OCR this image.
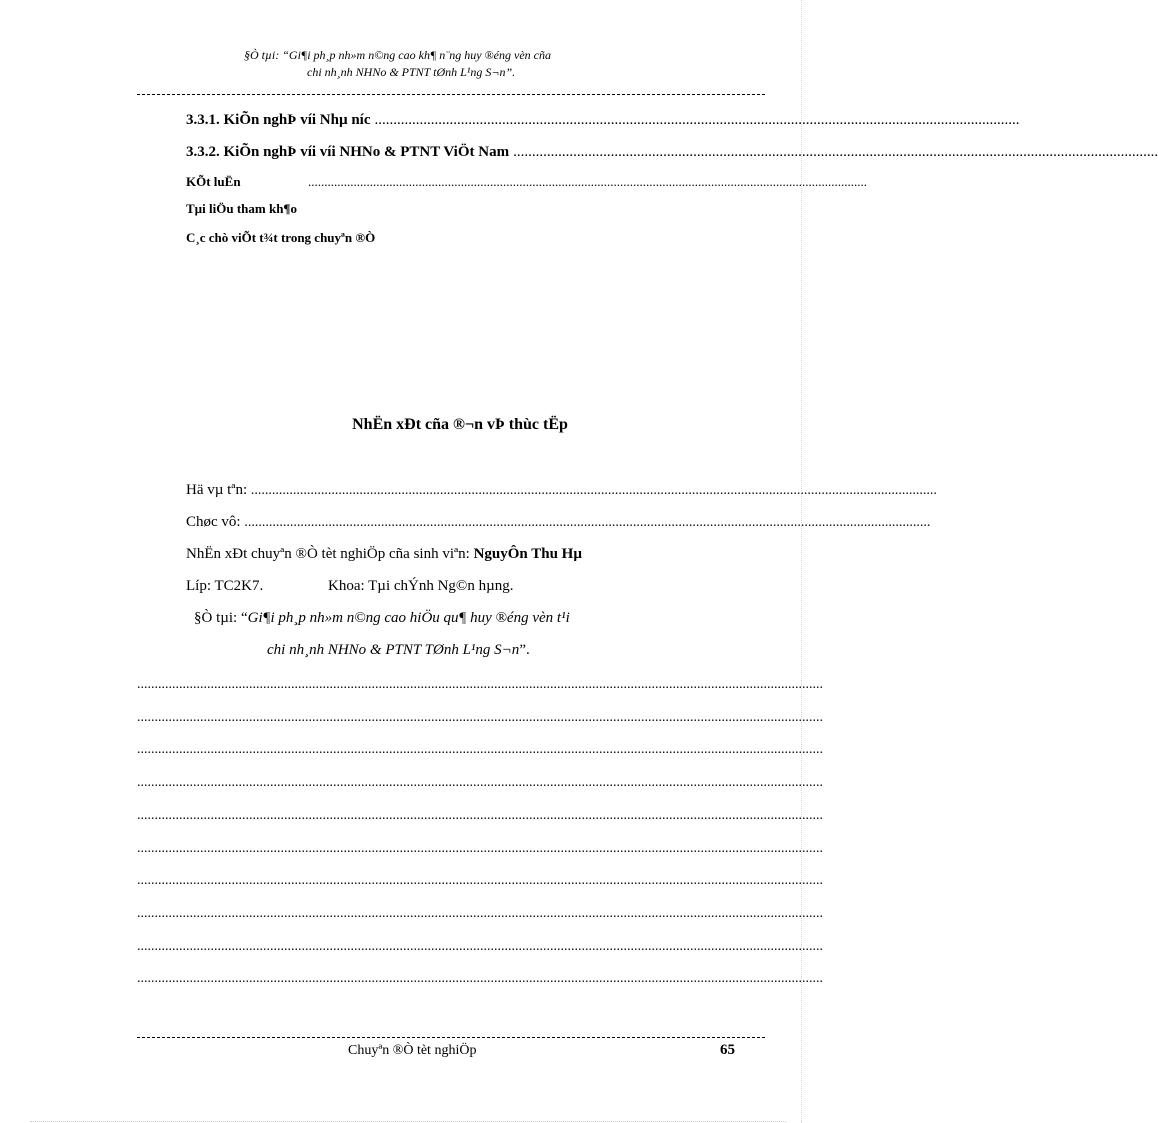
§Ò tµi: “Gi¶i ph¸p nh»m n©ng cao kh¶ n¨ng huy ®éng vèn cña
chi nh¸nh NHNo & PTNT tØnh L¹ng S¬n”.
3.3.1. KiÕn nghÞ víi Nhµ níc ............................................................................................................................................................................
3.3.2. KiÕn nghÞ víi víi NHNo & PTNT ViÖt Nam ............................................................................................................................................................................
KÕt luËn	............................................................................................................................................................................
Tµi liÖu tham kh¶o
C¸c chò viÕt t¾t trong chuyªn ®Ò
NhËn xÐt cña ®¬n vÞ thùc tËp
Hä vµ tªn: ....................................................................................................................................................................................................
Chøc vô: ....................................................................................................................................................................................................
NhËn xÐt chuyªn ®Ò tèt nghiÖp cña sinh viªn: NguyÔn Thu Hµ
Líp: TC2K7.	Khoa: Tµi chÝnh Ng©n hµng.
§Ò tµi: “Gi¶i ph¸p nh»m n©ng cao hiÖu qu¶ huy ®éng vèn t¹i
chi nh¸nh NHNo & PTNT TØnh L¹ng S¬n”.
....................................................................................................................................................................................................
....................................................................................................................................................................................................
....................................................................................................................................................................................................
....................................................................................................................................................................................................
....................................................................................................................................................................................................
....................................................................................................................................................................................................
....................................................................................................................................................................................................
....................................................................................................................................................................................................
....................................................................................................................................................................................................
....................................................................................................................................................................................................
Chuyªn ®Ò tèt nghiÖp	65
